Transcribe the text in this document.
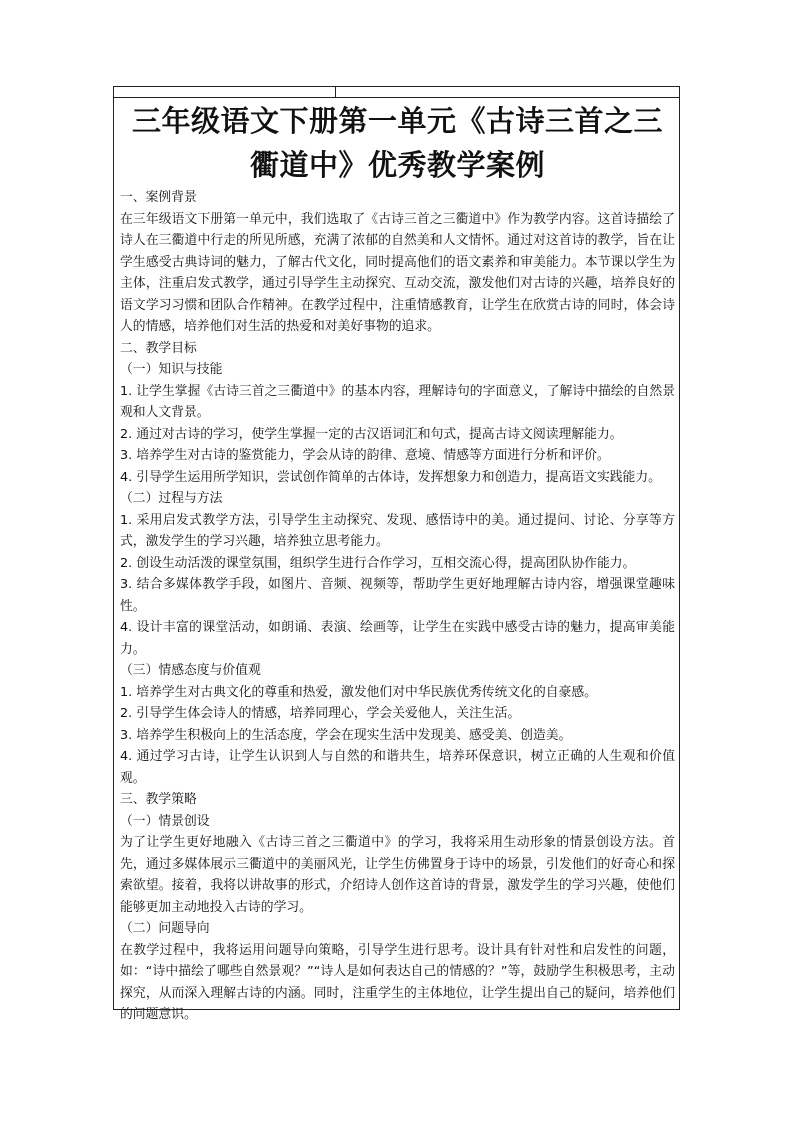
三年级语文下册第一单元《古诗三首之三衢道中》优秀教学案例

一、案例背景

在三年级语文下册第一单元中，我们选取了《古诗三首之三衢道中》作为教学内容。这首诗描绘了诗人在三衢道中行走的所见所感，充满了浓郁的自然美和人文情怀。通过对这首诗的教学，旨在让学生感受古典诗词的魅力，了解古代文化，同时提高他们的语文素养和审美能力。本节课以学生为主体，注重启发式教学，通过引导学生主动探究、互动交流，激发他们对古诗的兴趣，培养良好的语文学习习惯和团队合作精神。在教学过程中，注重情感教育，让学生在欣赏古诗的同时，体会诗人的情感，培养他们对生活的热爱和对美好事物的追求。

二、教学目标

（一）知识与技能

1. 让学生掌握《古诗三首之三衢道中》的基本内容，理解诗句的字面意义，了解诗中描绘的自然景观和人文背景。

2. 通过对古诗的学习，使学生掌握一定的古汉语词汇和句式，提高古诗文阅读理解能力。

3. 培养学生对古诗的鉴赏能力，学会从诗的韵律、意境、情感等方面进行分析和评价。

4. 引导学生运用所学知识，尝试创作简单的古体诗，发挥想象力和创造力，提高语文实践能力。

（二）过程与方法

1. 采用启发式教学方法，引导学生主动探究、发现、感悟诗中的美。通过提问、讨论、分享等方式，激发学生的学习兴趣，培养独立思考能力。

2. 创设生动活泼的课堂氛围，组织学生进行合作学习，互相交流心得，提高团队协作能力。

3. 结合多媒体教学手段，如图片、音频、视频等，帮助学生更好地理解古诗内容，增强课堂趣味性。

4. 设计丰富的课堂活动，如朗诵、表演、绘画等，让学生在实践中感受古诗的魅力，提高审美能力。

（三）情感态度与价值观

1. 培养学生对古典文化的尊重和热爱，激发他们对中华民族优秀传统文化的自豪感。

2. 引导学生体会诗人的情感，培养同理心，学会关爱他人，关注生活。

3. 培养学生积极向上的生活态度，学会在现实生活中发现美、感受美、创造美。

4. 通过学习古诗，让学生认识到人与自然的和谐共生，培养环保意识，树立正确的人生观和价值观。

三、教学策略

（一）情景创设

为了让学生更好地融入《古诗三首之三衢道中》的学习，我将采用生动形象的情景创设方法。首先，通过多媒体展示三衢道中的美丽风光，让学生仿佛置身于诗中的场景，引发他们的好奇心和探索欲望。接着，我将以讲故事的形式，介绍诗人创作这首诗的背景，激发学生的学习兴趣，使他们能够更加主动地投入古诗的学习。

（二）问题导向

在教学过程中，我将运用问题导向策略，引导学生进行思考。设计具有针对性和启发性的问题，如：“诗中描绘了哪些自然景观？”“诗人是如何表达自己的情感的？”等，鼓励学生积极思考，主动探究，从而深入理解古诗的内涵。同时，注重学生的主体地位，让学生提出自己的疑问，培养他们的问题意识。
